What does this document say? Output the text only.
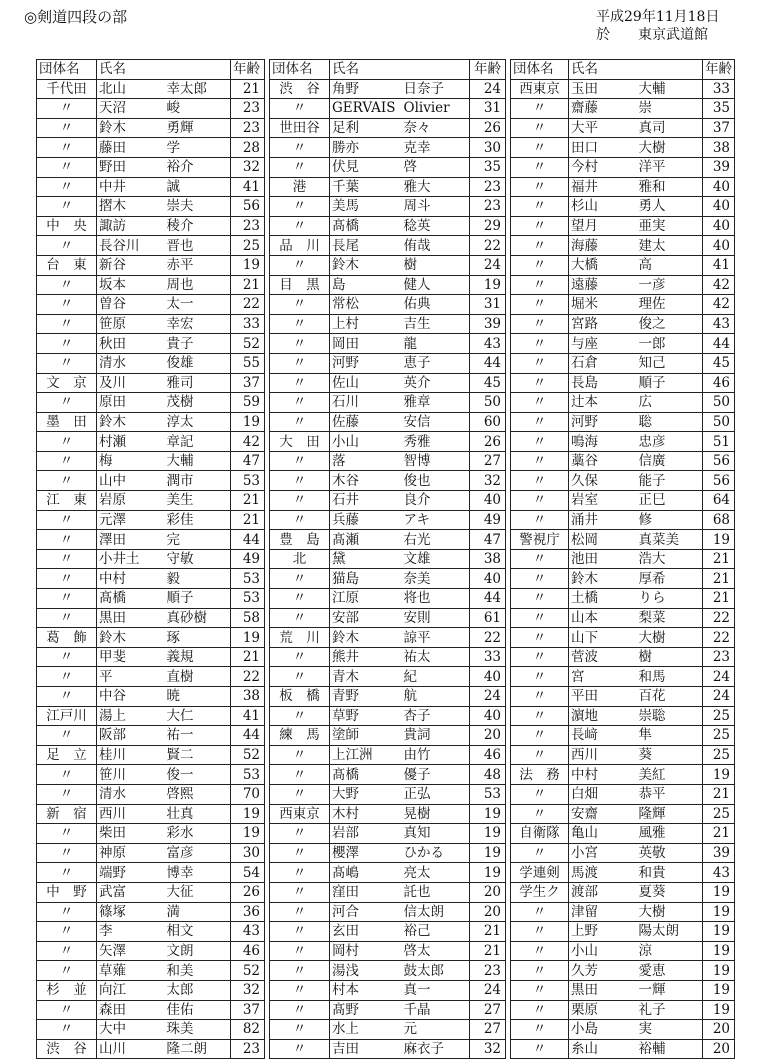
◎剣道四段の部	平成29年11月18日
於　　東京武道館
団体名	氏名		年齢
千代田	北山	幸太郎	21
〃	天沼	峻	23
〃	鈴木	勇輝	23
〃	藤田	学	28
〃	野田	裕介	32
〃	中井	誠	41
〃	摺木	崇夫	56
中　央	諏訪	稜介	23
〃	長谷川	晋也	25
台　東	新谷	赤平	19
〃	坂本	周也	21
〃	曽谷	太一	22
〃	笹原	幸宏	33
〃	秋田	貴子	52
〃	清水	俊雄	55
文　京	及川	雅司	37
〃	原田	茂樹	59
墨　田	鈴木	淳太	19
〃	村瀬	章記	42
〃	梅	大輔	47
〃	山中	潤市	53
江　東	岩原	美生	21
〃	元澤	彩佳	21
〃	澤田	完	44
〃	小井土	守敏	49
〃	中村	毅	53
〃	髙橋	順子	53
〃	黒田	真砂樹	58
葛　飾	鈴木	琢	19
〃	甲斐	義規	21
〃	平	直樹	22
〃	中谷	暁	38
江戸川	湯上	大仁	41
〃	阪部	祐一	44
足　立	桂川	賢二	52
〃	笹川	俊一	53
〃	清水	啓熙	70
新　宿	西川	壮真	19
〃	柴田	彩水	19
〃	神原	富彦	30
〃	端野	博幸	54
中　野	武富	大征	26
〃	篠塚	満	36
〃	李	相文	43
〃	矢澤	文朗	46
〃	草薙	和美	52
杉　並	向江	太郎	32
〃	森田	佳佑	37
〃	大中	珠美	82
渋　谷	山川	隆二朗	23
団体名	氏名		年齢
渋　谷	角野	日奈子	24
〃	GERVAIS	Olivier	31
世田谷	足利	奈々	26
〃	勝亦	克幸	30
〃	伏見	啓	35
港	千葉	雅大	23
〃	美馬	周斗	23
〃	髙橋	稔英	29
品　川	長尾	侑哉	22
〃	鈴木	樹	24
目　黒	島	健人	19
〃	常松	佑典	31
〃	上村	吉生	39
〃	岡田	龍	43
〃	河野	恵子	44
〃	佐山	英介	45
〃	石川	雅章	50
〃	佐藤	安信	60
大　田	小山	秀雅	26
〃	落	智博	27
〃	木谷	俊也	32
〃	石井	良介	40
〃	兵藤	アキ	49
豊　島	髙瀬	右光	47
北	黛	文雄	38
〃	猫島	奈美	40
〃	江原	将也	44
〃	安部	安則	61
荒　川	鈴木	諒平	22
〃	熊井	祐太	33
〃	青木	紀	40
板　橋	青野	航	24
〃	草野	杏子	40
練　馬	塗師	貴詞	20
〃	上江洲	由竹	46
〃	髙橋	優子	48
〃	大野	正弘	53
西東京	木村	晃樹	19
〃	岩部	真知	19
〃	櫻澤	ひかる	19
〃	髙嶋	亮太	19
〃	窪田	託也	20
〃	河合	信太朗	20
〃	玄田	裕己	21
〃	岡村	啓太	21
〃	湯浅	鼓太郎	23
〃	村本	真一	24
〃	髙野	千晶	27
〃	水上	元	27
〃	吉田	麻衣子	32
団体名	氏名		年齢
西東京	玉田	大輔	33
〃	齋藤	崇	35
〃	大平	真司	37
〃	田口	大樹	38
〃	今村	洋平	39
〃	福井	雅和	40
〃	杉山	勇人	40
〃	望月	亜実	40
〃	海藤	建太	40
〃	大橋	高	41
〃	遠藤	一彦	42
〃	堀米	理佐	42
〃	宮路	俊之	43
〃	与座	一郎	44
〃	石倉	知己	45
〃	長島	順子	46
〃	辻本	広	50
〃	河野	聡	50
〃	鳴海	忠彦	51
〃	藁谷	信廣	56
〃	久保	能子	56
〃	岩室	正巳	64
〃	涌井	修	68
警視庁	松岡	真菜美	19
〃	池田	浩大	21
〃	鈴木	厚希	21
〃	土橋	りら	21
〃	山本	梨菜	22
〃	山下	大樹	22
〃	菅波	樹	23
〃	宮	和馬	24
〃	平田	百花	24
〃	濵地	崇聡	25
〃	長﨑	隼	25
〃	西川	葵	25
法　務	中村	美紅	19
〃	白畑	恭平	21
〃	安齋	隆輝	25
自衛隊	亀山	風雅	21
〃	小宮	英敬	39
学連剣	馬渡	和貴	43
学生ク	渡部	夏葵	19
〃	津留	大樹	19
〃	上野	陽太朗	19
〃	小山	涼	19
〃	久芳	愛恵	19
〃	黒田	一輝	19
〃	栗原	礼子	19
〃	小島	実	20
〃	糸山	裕輔	20
